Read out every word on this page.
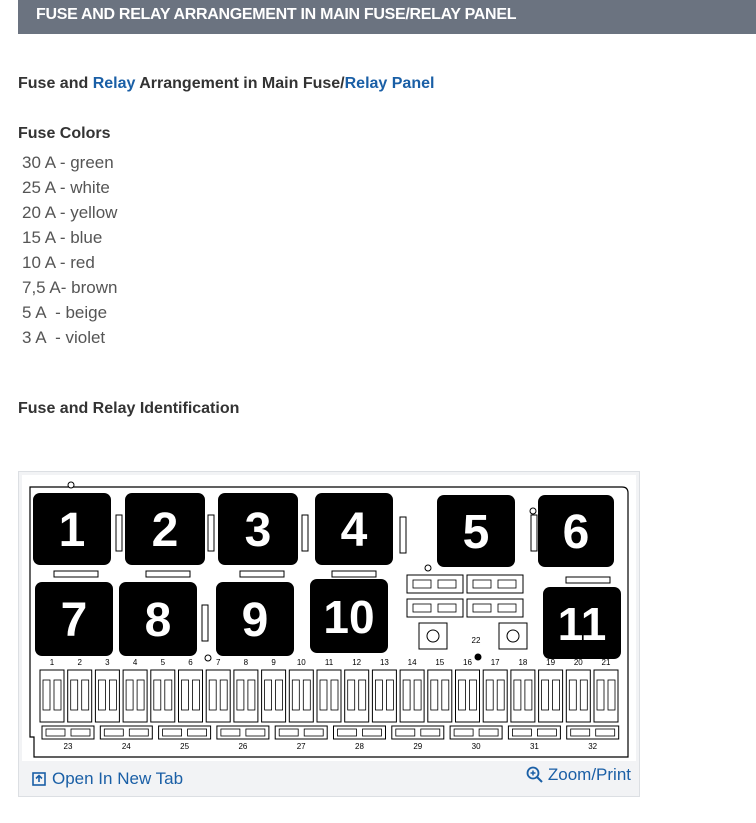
FUSE AND RELAY ARRANGEMENT IN MAIN FUSE/RELAY PANEL
Fuse and Relay Arrangement in Main Fuse/Relay Panel
Fuse Colors
30 A - green
25 A - white
20 A - yellow
15 A - blue
10 A - red
7,5 A- brown
5 A  - beige
3 A  - violet
Fuse and Relay Identification
1 2 3 4 5 6
7 8 9 10	11
22
1	2	3	4	5	6	7	8	9	10 11 12 13 14 15 16 17 18 19 20 21
23	24	25	26	27	28	29	30	31	32
Open In New Tab	Zoom/Print
